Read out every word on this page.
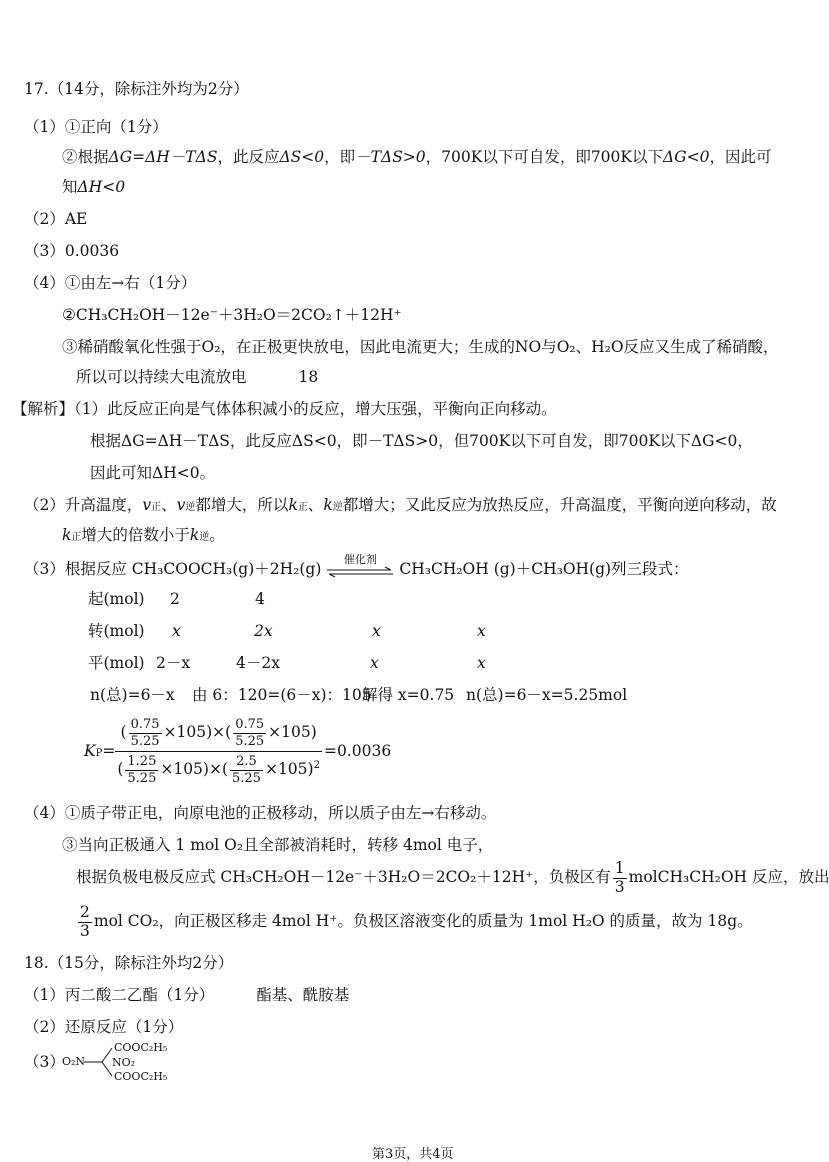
17.（14分，除标注外均为2分）
（1）①正向（1分）
②根据ΔG=ΔH－TΔS，此反应ΔS<0，即－TΔS>0，700K以下可自发，即700K以下ΔG<0，因此可
知ΔH<0
（2）AE
（3）0.0036
（4）①由左→右（1分）
②CH₃CH₂OH－12e⁻＋3H₂O＝2CO₂↑＋12H⁺
③稀硝酸氧化性强于O₂，在正极更快放电，因此电流更大；生成的NO与O₂、H₂O反应又生成了稀硝酸，
所以可以持续大电流放电	18
【解析】（1）此反应正向是气体体积减小的反应，增大压强，平衡向正向移动。
根据ΔG=ΔH－TΔS，此反应ΔS<0，即－TΔS>0，但700K以下可自发，即700K以下ΔG<0，
因此可知ΔH<0。
（2）升高温度，v正、v逆都增大，所以k正、k逆都增大；又此反应为放热反应，升高温度，平衡向逆向移动，故
k正增大的倍数小于k逆。
（3）根据反应 CH₃COOCH₃(g)＋2H₂(g)
催化剂
CH₃CH₂OH (g)＋CH₃OH(g)列三段式：
起(mol) 2	4
转(mol) x	2x	x	x
平(mol) 2－x	4－2x	x	x
n(总)=6－x 由 6：120=(6－x)：105
解得 x=0.75 n(总)=6－x=5.25mol
KP=	
( $\frac{0.75}{5.25} \times 105)\times( \frac{0.75}{5.25} \times 105)$
( $\frac{1.25}{5.25} \times 105)\times( \frac{2.5}{5.25} \times 105)^2$
	=0.0036
（4）①质子带正电，向原电池的正极移动，所以质子由左→右移动。
③当向正极通入 1 mol O₂且全部被消耗时，转移 4mol 电子，
根据负极电极反应式 CH₃CH₂OH－12e⁻＋3H₂O＝2CO₂＋12H⁺，负极区有 $\frac{1}{3}$ molCH₃CH₂OH 反应，放出
$\frac{2}{3}$ mol CO₂，向正极区移走 4mol H⁺。负极区溶液变化的质量为 1mol H₂O 的质量，故为 18g。
18.（15分，除标注外均2分）
（1）丙二酸二乙酯（1分）	酯基、酰胺基
（2）还原反应（1分）
（3）
COOC₂H₅
O₂N NO₂
COOC₂H₅
第3页，共4页
